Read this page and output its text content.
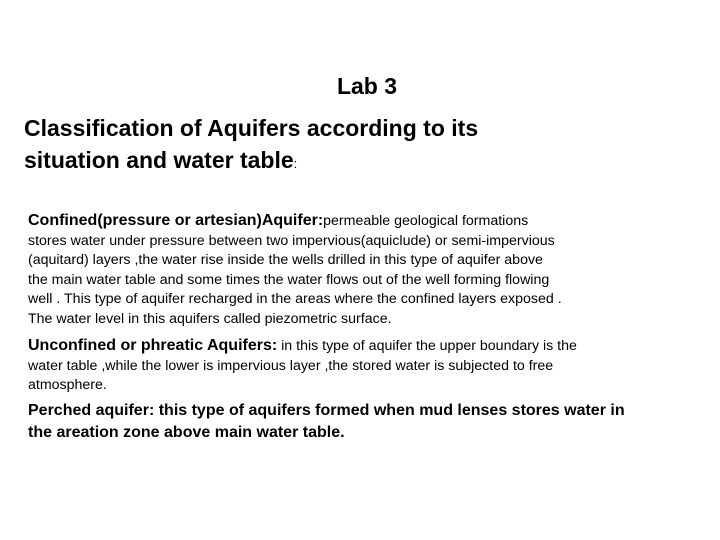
Lab 3
Classification of Aquifers according to its
situation and water table:
Confined(pressure or artesian)Aquifer:permeable geological formations
stores water under pressure between two impervious(aquiclude) or semi-impervious
(aquitard) layers ,the water rise inside the wells drilled in this type of aquifer above
the main water table and some times the water flows out of the well forming flowing
well . This type of aquifer recharged in the areas where the confined layers exposed .
The water level in this aquifers called piezometric surface.
Unconfined or phreatic Aquifers: in this type of aquifer the upper boundary is the
water table ,while the lower is impervious layer ,the stored water is subjected to free
atmosphere.
Perched aquifer: this type of aquifers formed when mud lenses stores water in
the areation zone above main water table.
